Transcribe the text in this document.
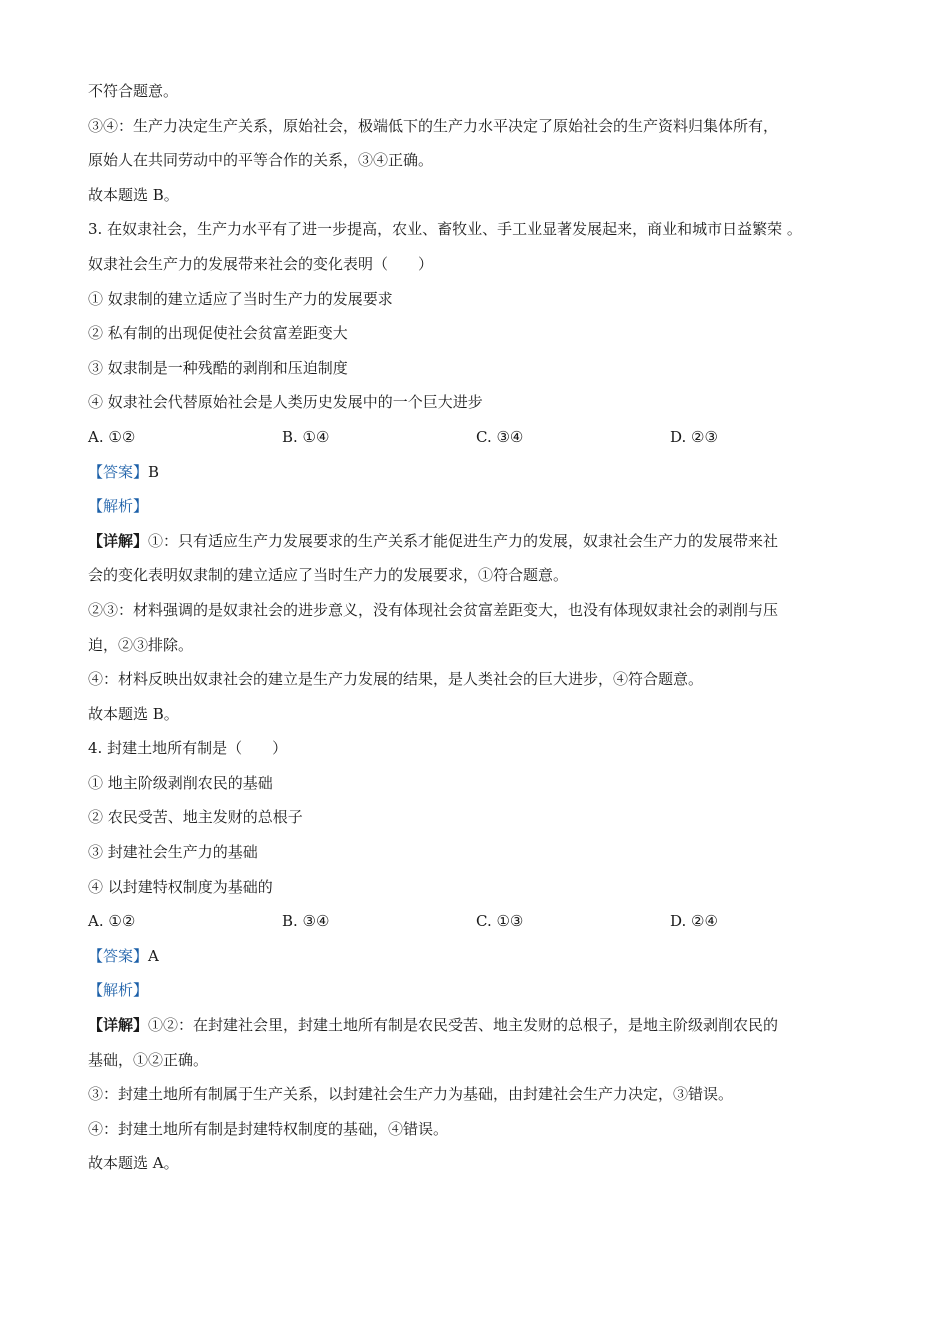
不符合题意。
③④：生产力决定生产关系，原始社会，极端低下的生产力水平决定了原始社会的生产资料归集体所有，
原始人在共同劳动中的平等合作的关系，③④正确。
故本题选 B。
3. 在奴隶社会，生产力水平有了进一步提高，农业、畜牧业、手工业显著发展起来，商业和城市日益繁荣 。
奴隶社会生产力的发展带来社会的变化表明（　　）
① 奴隶制的建立适应了当时生产力的发展要求
② 私有制的出现促使社会贫富差距变大
③ 奴隶制是一种残酷的剥削和压迫制度
④ 奴隶社会代替原始社会是人类历史发展中的一个巨大进步
A. ①②	B. ①④	C. ③④	D. ②③
【答案】B
【解析】
【详解】①：只有适应生产力发展要求的生产关系才能促进生产力的发展，奴隶社会生产力的发展带来社
会的变化表明奴隶制的建立适应了当时生产力的发展要求，①符合题意。
②③：材料强调的是奴隶社会的进步意义，没有体现社会贫富差距变大，也没有体现奴隶社会的剥削与压
迫，②③排除。
④：材料反映出奴隶社会的建立是生产力发展的结果，是人类社会的巨大进步，④符合题意。
故本题选 B。
4. 封建土地所有制是（　　）
① 地主阶级剥削农民的基础
② 农民受苦、地主发财的总根子
③ 封建社会生产力的基础
④ 以封建特权制度为基础的
A. ①②	B. ③④	C. ①③	D. ②④
【答案】A
【解析】
【详解】①②：在封建社会里，封建土地所有制是农民受苦、地主发财的总根子，是地主阶级剥削农民的
基础，①②正确。
③：封建土地所有制属于生产关系，以封建社会生产力为基础，由封建社会生产力决定，③错误。
④：封建土地所有制是封建特权制度的基础，④错误。
故本题选 A。
